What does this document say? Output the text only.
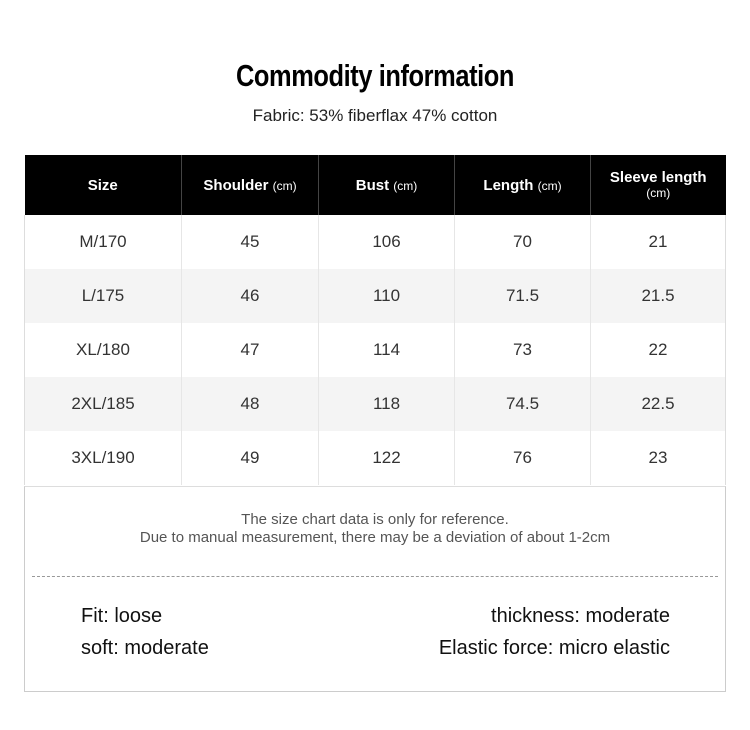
Commodity information
Fabric: 53% fiberflax 47% cotton
Size	Shoulder (cm)	Bust (cm)	Length (cm)	Sleeve length
(cm)
M/170	45	106	70	21
L/175	46	110	71.5	21.5
XL/180	47	114	73	22
2XL/185	48	118	74.5	22.5
3XL/190	49	122	76	23
The size chart data is only for reference.
Due to manual measurement, there may be a deviation of about 1-2cm
Fit: loose
soft: moderate
thickness: moderate
Elastic force: micro elastic
